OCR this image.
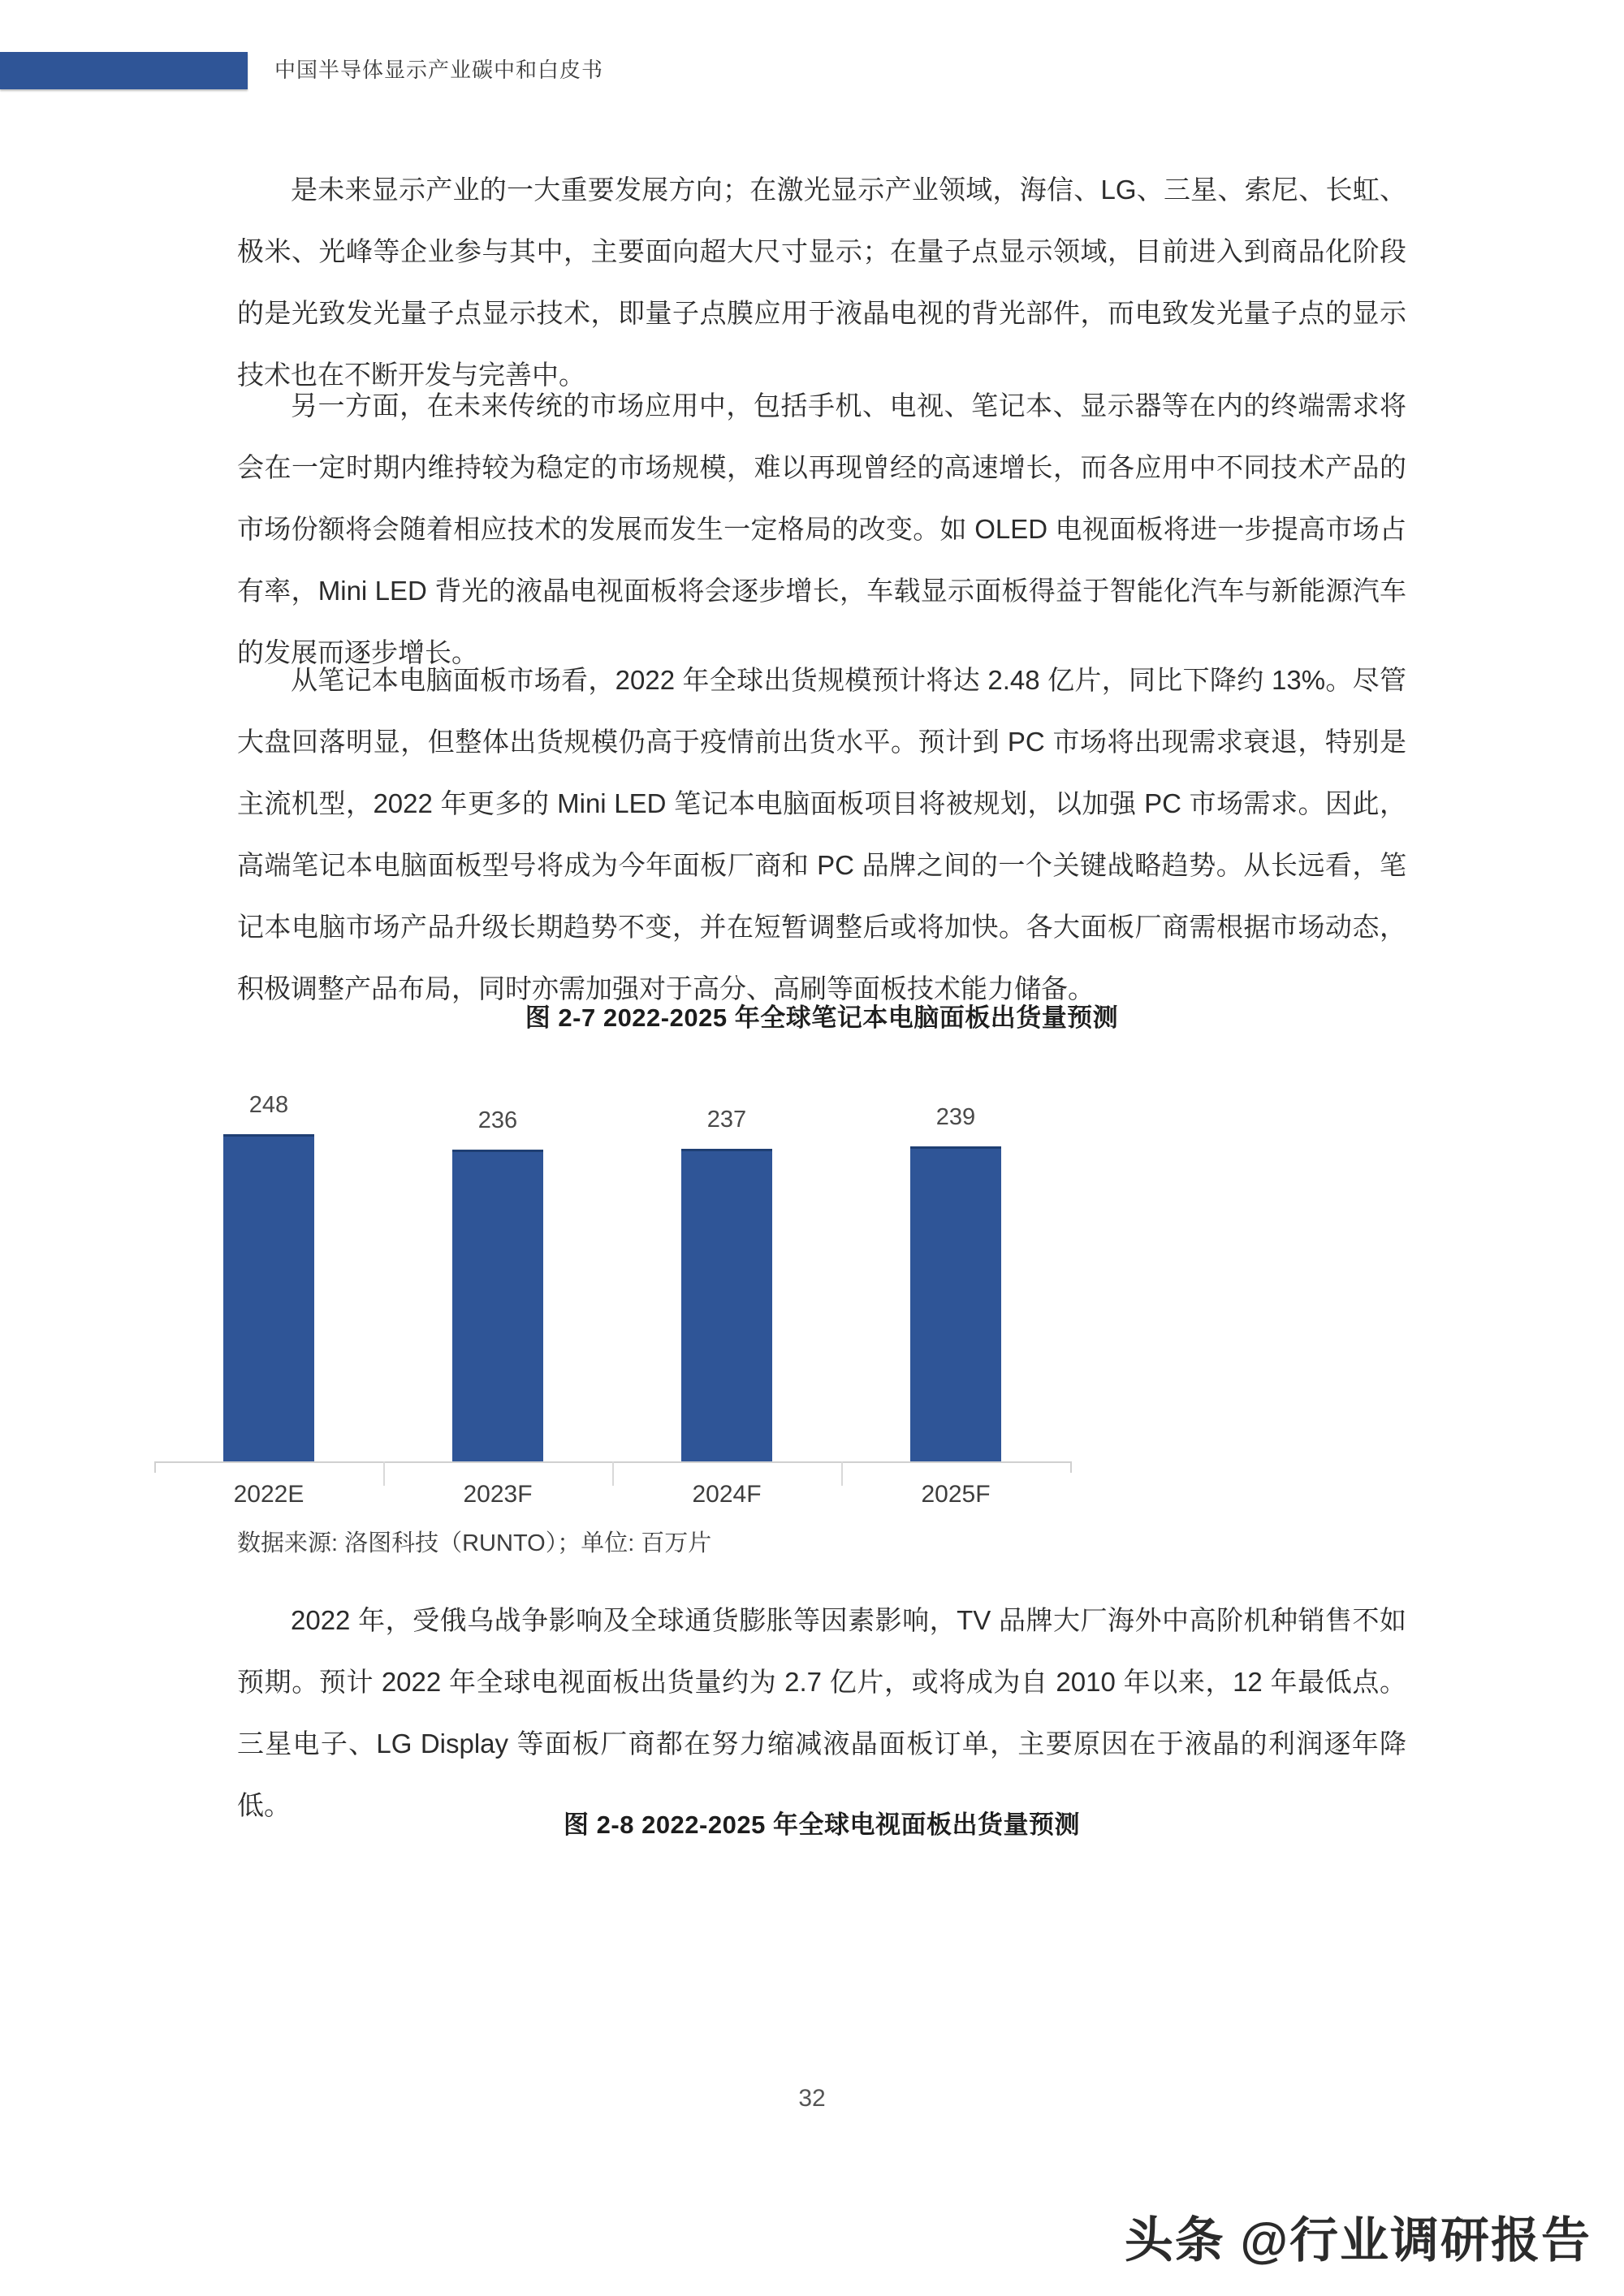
中国半导体显示产业碳中和白皮书

是未来显示产业的一大重要发展方向；在激光显示产业领域，海信、LG、三星、索尼、长虹、极米、光峰等企业参与其中，主要面向超大尺寸显示；在量子点显示领域，目前进入到商品化阶段的是光致发光量子点显示技术，即量子点膜应用于液晶电视的背光部件，而电致发光量子点的显示技术也在不断开发与完善中。

另一方面，在未来传统的市场应用中，包括手机、电视、笔记本、显示器等在内的终端需求将会在一定时期内维持较为稳定的市场规模，难以再现曾经的高速增长，而各应用中不同技术产品的市场份额将会随着相应技术的发展而发生一定格局的改变。如 OLED 电视面板将进一步提高市场占有率，Mini LED 背光的液晶电视面板将会逐步增长，车载显示面板得益于智能化汽车与新能源汽车的发展而逐步增长。

从笔记本电脑面板市场看，2022 年全球出货规模预计将达 2.48 亿片，同比下降约 13%。尽管大盘回落明显，但整体出货规模仍高于疫情前出货水平。预计到 PC 市场将出现需求衰退，特别是主流机型，2022 年更多的 Mini LED 笔记本电脑面板项目将被规划，以加强 PC 市场需求。因此，高端笔记本电脑面板型号将成为今年面板厂商和 PC 品牌之间的一个关键战略趋势。从长远看，笔记本电脑市场产品升级长期趋势不变，并在短暂调整后或将加快。各大面板厂商需根据市场动态，积极调整产品布局，同时亦需加强对于高分、高刷等面板技术能力储备。

图 2-7 2022-2025 年全球笔记本电脑面板出货量预测

2022 年，受俄乌战争影响及全球通货膨胀等因素影响，TV 品牌大厂海外中高阶机种销售不如预期。预计 2022 年全球电视面板出货量约为 2.7 亿片，或将成为自 2010 年以来，12 年最低点。三星电子、LG Display 等面板厂商都在努力缩减液晶面板订单，主要原因在于液晶的利润逐年降低。

图 2-8 2022-2025 年全球电视面板出货量预测
248
236	237	239
2022E	2023F	2024F	2025F
数据来源: 洛图科技（RUNTO）；单位: 百万片
32
头条 @行业调研报告
